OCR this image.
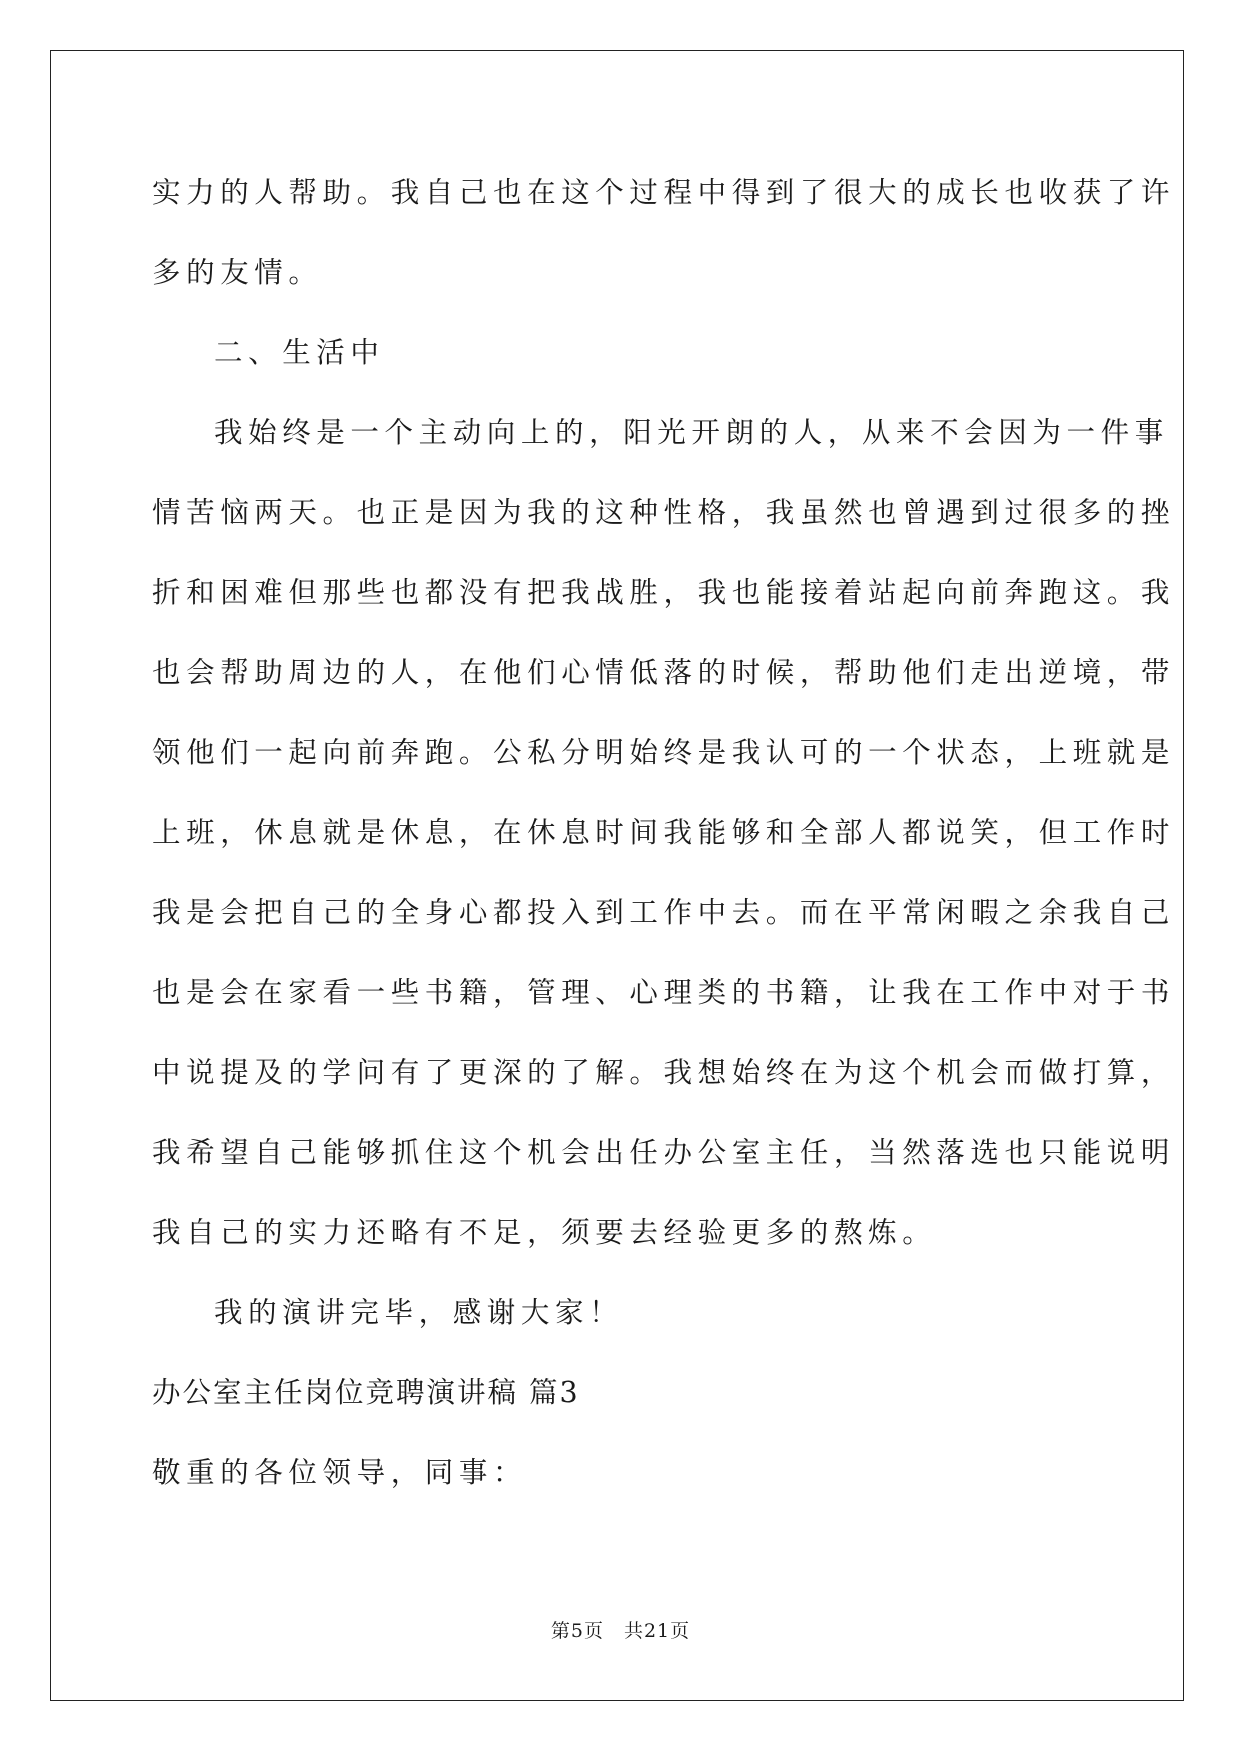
实力的人帮助。我自己也在这个过程中得到了很大的成长也收获了许
多的友情。
二、生活中
我始终是一个主动向上的，阳光开朗的人，从来不会因为一件事
情苦恼两天。也正是因为我的这种性格，我虽然也曾遇到过很多的挫
折和困难但那些也都没有把我战胜，我也能接着站起向前奔跑这。我
也会帮助周边的人，在他们心情低落的时候，帮助他们走出逆境，带
领他们一起向前奔跑。公私分明始终是我认可的一个状态，上班就是
上班，休息就是休息，在休息时间我能够和全部人都说笑，但工作时
我是会把自己的全身心都投入到工作中去。而在平常闲暇之余我自己
也是会在家看一些书籍，管理、心理类的书籍，让我在工作中对于书
中说提及的学问有了更深的了解。我想始终在为这个机会而做打算，
我希望自己能够抓住这个机会出任办公室主任，当然落选也只能说明
我自己的实力还略有不足，须要去经验更多的熬炼。
我的演讲完毕，感谢大家！
办公室主任岗位竞聘演讲稿 篇3
敬重的各位领导，同事：
第5页　共21页
